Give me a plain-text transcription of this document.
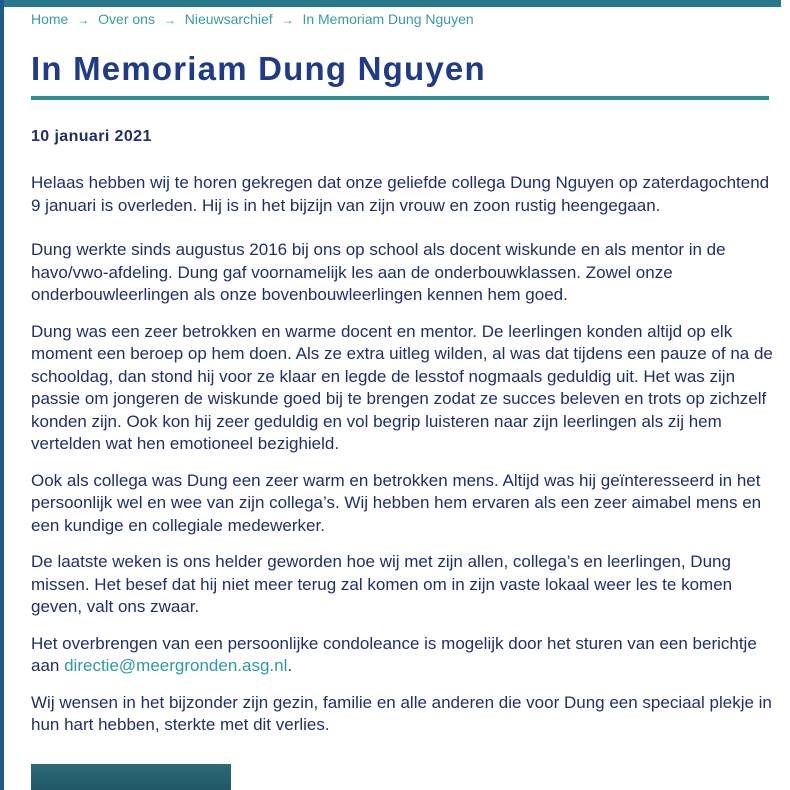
Home → Over ons → Nieuwsarchief → In Memoriam Dung Nguyen
In Memoriam Dung Nguyen
10 januari 2021

Helaas hebben wij te horen gekregen dat onze geliefde collega Dung Nguyen op zaterdagochtend 9 januari is overleden. Hij is in het bijzijn van zijn vrouw en zoon rustig heengegaan.

Dung werkte sinds augustus 2016 bij ons op school als docent wiskunde en als mentor in de havo/vwo-afdeling. Dung gaf voornamelijk les aan de onderbouwklassen. Zowel onze onderbouwleerlingen als onze bovenbouwleerlingen kennen hem goed.

Dung was een zeer betrokken en warme docent en mentor. De leerlingen konden altijd op elk moment een beroep op hem doen. Als ze extra uitleg wilden, al was dat tijdens een pauze of na de schooldag, dan stond hij voor ze klaar en legde de lesstof nogmaals geduldig uit. Het was zijn passie om jongeren de wiskunde goed bij te brengen zodat ze succes beleven en trots op zichzelf konden zijn. Ook kon hij zeer geduldig en vol begrip luisteren naar zijn leerlingen als zij hem vertelden wat hen emotioneel bezighield.

Ook als collega was Dung een zeer warm en betrokken mens. Altijd was hij geïnteresseerd in het persoonlijk wel en wee van zijn collega’s. Wij hebben hem ervaren als een zeer aimabel mens en een kundige en collegiale medewerker.

De laatste weken is ons helder geworden hoe wij met zijn allen, collega’s en leerlingen, Dung missen. Het besef dat hij niet meer terug zal komen om in zijn vaste lokaal weer les te komen geven, valt ons zwaar.

Het overbrengen van een persoonlijke condoleance is mogelijk door het sturen van een berichtje aan directie@meergronden.asg.nl.

Wij wensen in het bijzonder zijn gezin, familie en alle anderen die voor Dung een speciaal plekje in hun hart hebben, sterkte met dit verlies.
